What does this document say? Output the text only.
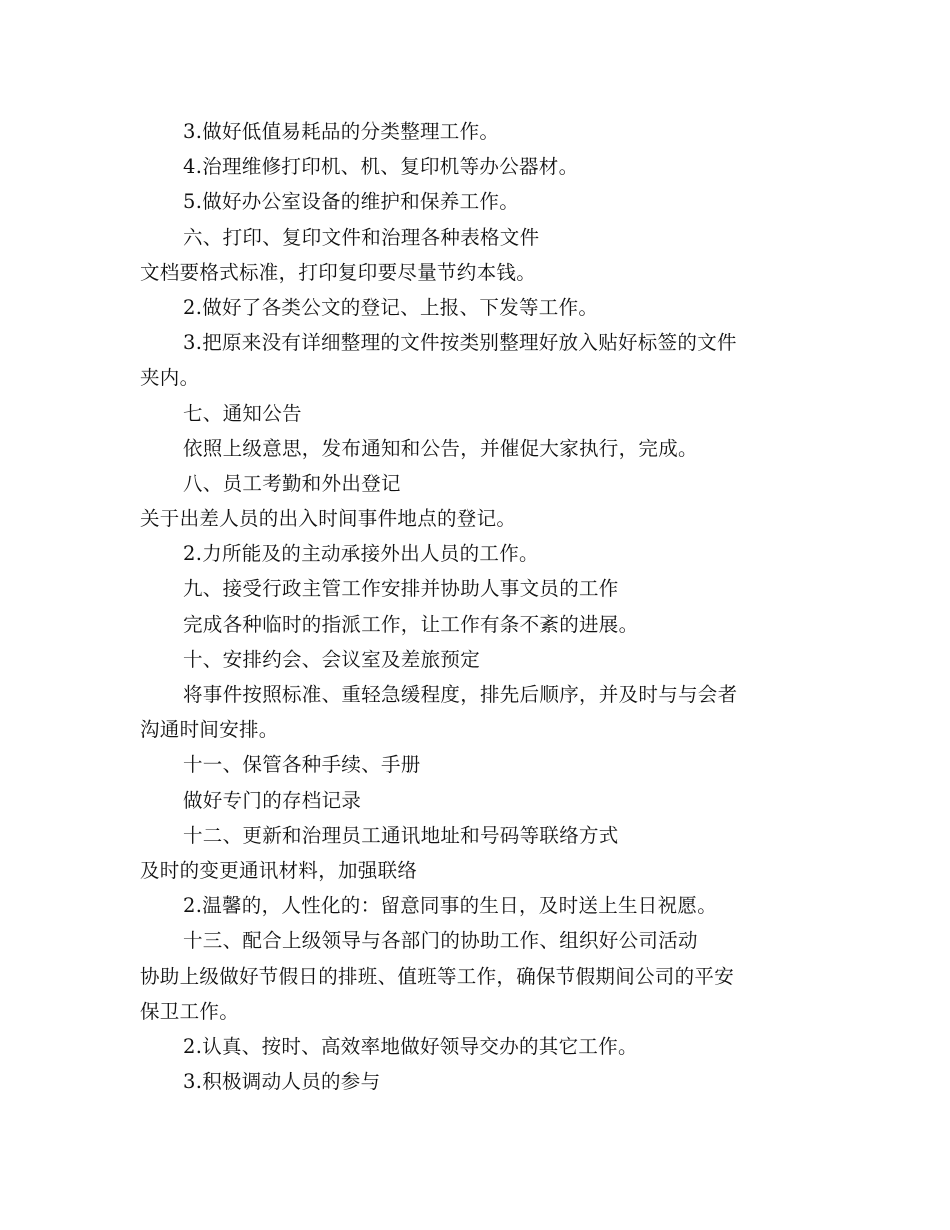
3.做好低值易耗品的分类整理工作。
4.治理维修打印机、机、复印机等办公器材。
5.做好办公室设备的维护和保养工作。
六、打印、复印文件和治理各种表格文件
文档要格式标准，打印复印要尽量节约本钱。
2.做好了各类公文的登记、上报、下发等工作。
3.把原来没有详细整理的文件按类别整理好放入贴好标签的文件
夹内。
七、通知公告
依照上级意思，发布通知和公告，并催促大家执行，完成。
八、员工考勤和外出登记
关于出差人员的出入时间事件地点的登记。
2.力所能及的主动承接外出人员的工作。
九、接受行政主管工作安排并协助人事文员的工作
完成各种临时的指派工作，让工作有条不紊的进展。
十、安排约会、会议室及差旅预定
将事件按照标准、重轻急缓程度，排先后顺序，并及时与与会者
沟通时间安排。
十一、保管各种手续、手册
做好专门的存档记录
十二、更新和治理员工通讯地址和号码等联络方式
及时的变更通讯材料，加强联络
2.温馨的，人性化的：留意同事的生日，及时送上生日祝愿。
十三、配合上级领导与各部门的协助工作、组织好公司活动
协助上级做好节假日的排班、值班等工作，确保节假期间公司的平安
保卫工作。
2.认真、按时、高效率地做好领导交办的其它工作。
3.积极调动人员的参与
